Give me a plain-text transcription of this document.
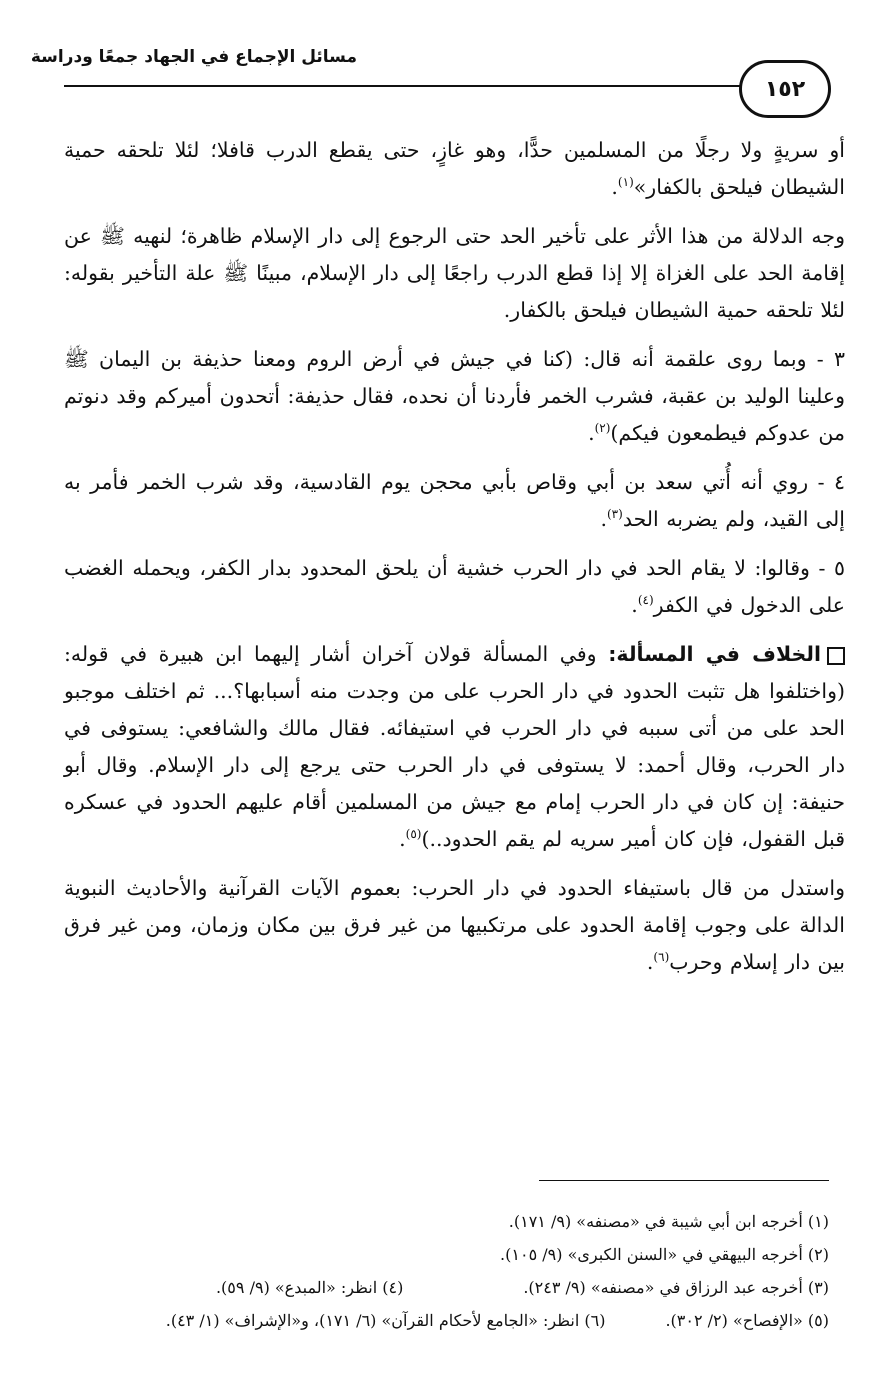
مسائل الإجماع في الجهاد جمعًا ودراسة
١٥٢

أو سريةٍ ولا رجلًا من المسلمين حدًّا، وهو غازٍ، حتى يقطع الدرب قافلا؛ لئلا تلحقه حمية الشيطان فيلحق بالكفار»$^{(١)}$.

وجه الدلالة من هذا الأثر على تأخير الحد حتى الرجوع إلى دار الإسلام ظاهرة؛ لنهيه ﷺ عن إقامة الحد على الغزاة إلا إذا قطع الدرب راجعًا إلى دار الإسلام، مبينًا ﷺ علة التأخير بقوله: لئلا تلحقه حمية الشيطان فيلحق بالكفار.

٣ - وبما روى علقمة أنه قال: (كنا في جيش في أرض الروم ومعنا حذيفة بن اليمان ﷺ وعلينا الوليد بن عقبة، فشرب الخمر فأردنا أن نحده، فقال حذيفة: أتحدون أميركم وقد دنوتم من عدوكم فيطمعون فيكم)$^{(٢)}$.

٤ - روي أنه أُتي سعد بن أبي وقاص بأبي محجن يوم القادسية، وقد شرب الخمر فأمر به إلى القيد، ولم يضربه الحد$^{(٣)}$.

٥ - وقالوا: لا يقام الحد في دار الحرب خشية أن يلحق المحدود بدار الكفر، ويحمله الغضب على الدخول في الكفر$^{(٤)}$.

الخلاف في المسألة: وفي المسألة قولان آخران أشار إليهما ابن هبيرة في قوله: (واختلفوا هل تثبت الحدود في دار الحرب على من وجدت منه أسبابها؟... ثم اختلف موجبو الحد على من أتى سببه في دار الحرب في استيفائه. فقال مالك والشافعي: يستوفى في دار الحرب، وقال أحمد: لا يستوفى في دار الحرب حتى يرجع إلى دار الإسلام. وقال أبو حنيفة: إن كان في دار الحرب إمام مع جيش من المسلمين أقام عليهم الحدود في عسكره قبل القفول، فإن كان أمير سريه لم يقم الحدود..)$^{(٥)}$.

واستدل من قال باستيفاء الحدود في دار الحرب: بعموم الآيات القرآنية والأحاديث النبوية الدالة على وجوب إقامة الحدود على مرتكبيها من غير فرق بين مكان وزمان، ومن غير فرق بين دار إسلام وحرب$^{(٦)}$.

(١) أخرجه ابن أبي شيبة في «مصنفه» (٩/ ١٧١).
(٢) أخرجه البيهقي في «السنن الكبرى» (٩/ ١٠٥).
(٣) أخرجه عبد الرزاق في «مصنفه» (٩/ ٢٤٣).
(٤) انظر: «المبدع» (٩/ ٥٩).
(٥) «الإفصاح» (٢/ ٣٠٢).
(٦) انظر: «الجامع لأحكام القرآن» (٦/ ١٧١)، و«الإشراف» (١/ ٤٣).
